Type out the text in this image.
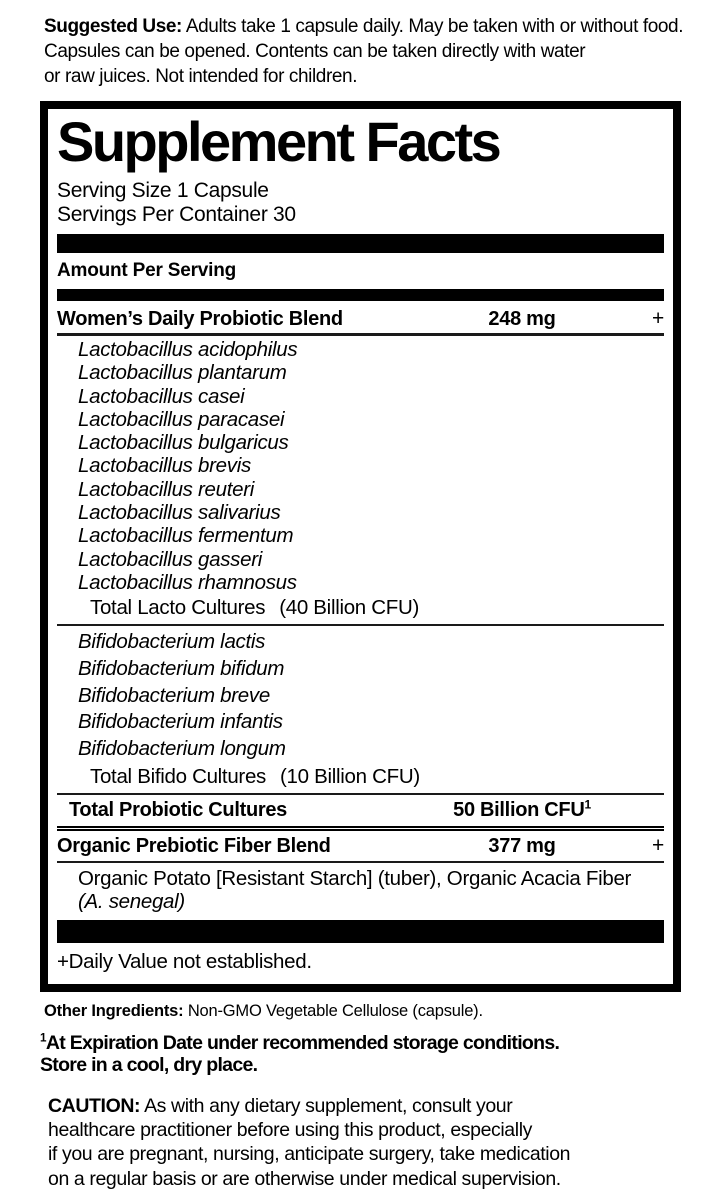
Suggested Use: Adults take 1 capsule daily. May be taken with or without food.
Capsules can be opened. Contents can be taken directly with water
or raw juices. Not intended for children.

Supplement Facts
Serving Size 1 Capsule
Servings Per Container 30
Amount Per Serving
Women’s Daily Probiotic Blend	248 mg	+
Lactobacillus acidophilus
Lactobacillus plantarum
Lactobacillus casei
Lactobacillus paracasei
Lactobacillus bulgaricus
Lactobacillus brevis
Lactobacillus reuteri
Lactobacillus salivarius
Lactobacillus fermentum
Lactobacillus gasseri
Lactobacillus rhamnosus
Total Lacto Cultures (40 Billion CFU)
Bifidobacterium lactis
Bifidobacterium bifidum
Bifidobacterium breve
Bifidobacterium infantis
Bifidobacterium longum
Total Bifido Cultures (10 Billion CFU)
Total Probiotic Cultures	50 Billion CFU$^1$
Organic Prebiotic Fiber Blend	377 mg	+
Organic Potato [Resistant Starch] (tuber), Organic Acacia Fiber
(A. senegal)
+Daily Value not established.

Other Ingredients: Non-GMO Vegetable Cellulose (capsule).

$^1$At Expiration Date under recommended storage conditions.
Store in a cool, dry place.

CAUTION: As with any dietary supplement, consult your
healthcare practitioner before using this product, especially
if you are pregnant, nursing, anticipate surgery, take medication
on a regular basis or are otherwise under medical supervision.
